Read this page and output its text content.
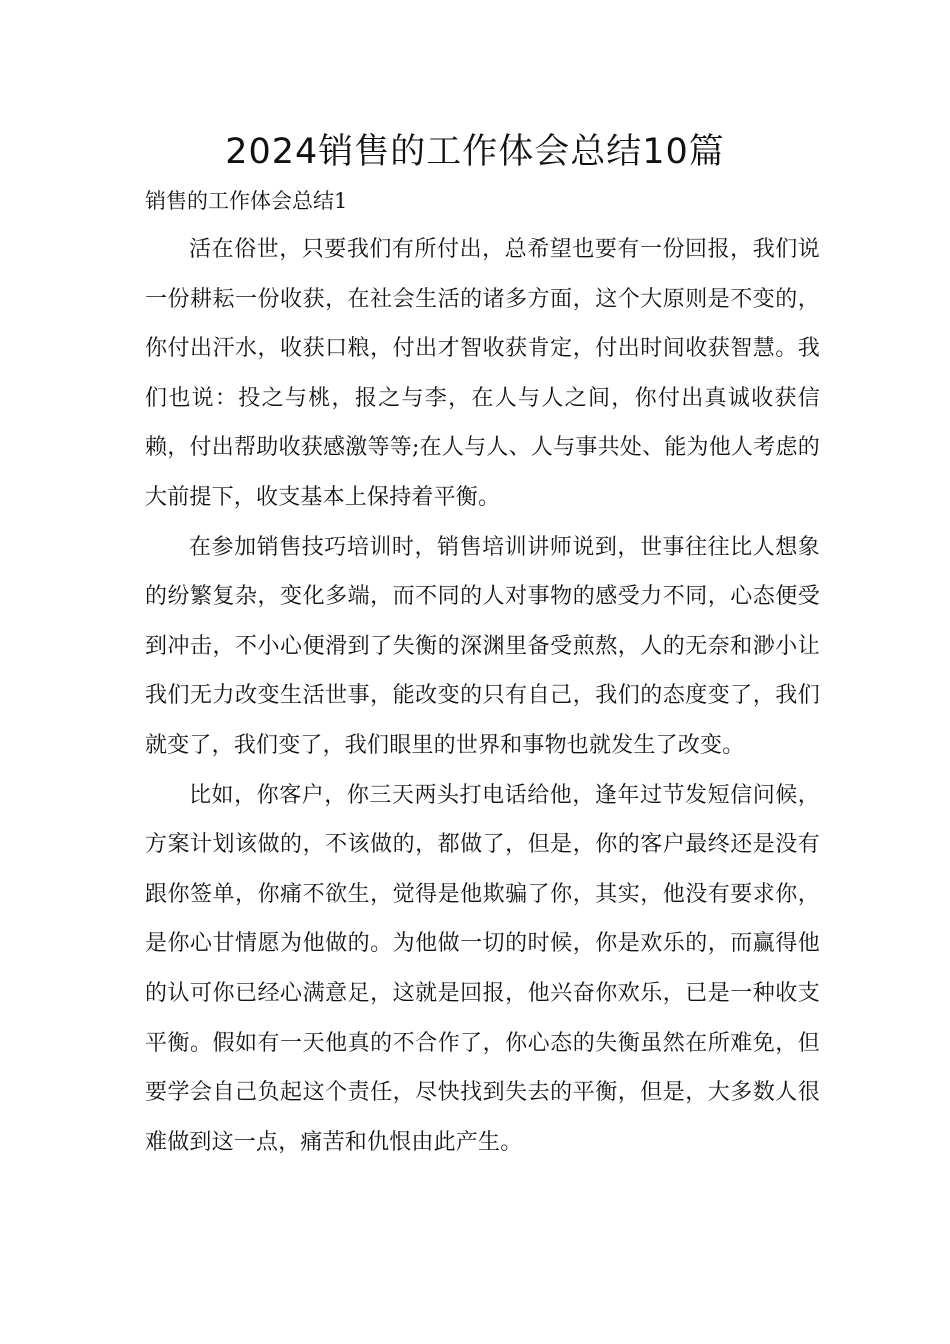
2024销售的工作体会总结10篇
销售的工作体会总结1

活在俗世，只要我们有所付出，总希望也要有一份回报，我们说一份耕耘一份收获，在社会生活的诸多方面，这个大原则是不变的，你付出汗水，收获口粮，付出才智收获肯定，付出时间收获智慧。我们也说：投之与桃，报之与李，在人与人之间，你付出真诚收获信赖，付出帮助收获感激等等;在人与人、人与事共处、能为他人考虑的大前提下，收支基本上保持着平衡。

在参加销售技巧培训时，销售培训讲师说到，世事往往比人想象的纷繁复杂，变化多端，而不同的人对事物的感受力不同，心态便受到冲击，不小心便滑到了失衡的深渊里备受煎熬，人的无奈和渺小让我们无力改变生活世事，能改变的只有自己，我们的态度变了，我们就变了，我们变了，我们眼里的世界和事物也就发生了改变。

比如，你客户，你三天两头打电话给他，逢年过节发短信问候，方案计划该做的，不该做的，都做了，但是，你的客户最终还是没有跟你签单，你痛不欲生，觉得是他欺骗了你，其实，他没有要求你，是你心甘情愿为他做的。为他做一切的时候，你是欢乐的，而赢得他的认可你已经心满意足，这就是回报，他兴奋你欢乐，已是一种收支平衡。假如有一天他真的不合作了，你心态的失衡虽然在所难免，但要学会自己负起这个责任，尽快找到失去的平衡，但是，大多数人很难做到这一点，痛苦和仇恨由此产生。
